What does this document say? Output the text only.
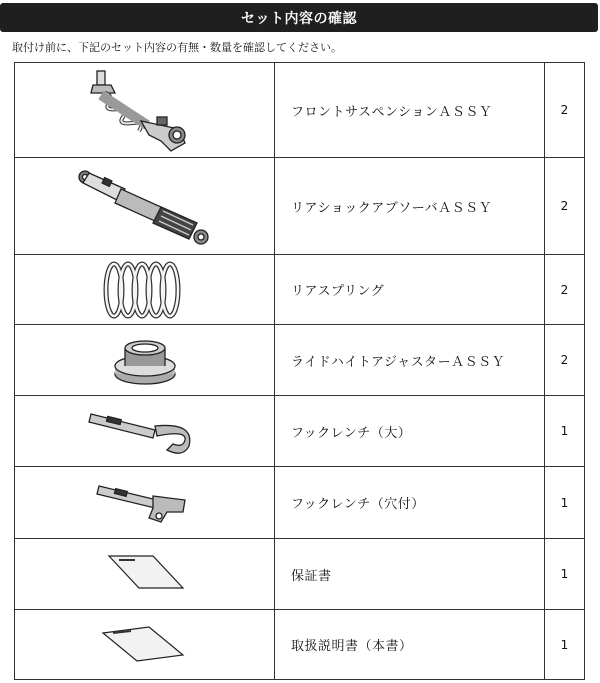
セット内容の確認
取付け前に、下記のセット内容の有無・数量を確認してください。
	フロントサスペンションＡＳＳＹ	2

	リアショックアブソーバＡＳＳＹ	2

	リアスプリング	2

	ライドハイトアジャスターＡＳＳＹ	2

	フックレンチ（大）	1

	フックレンチ（穴付）	1

	保証書	1

	取扱説明書（本書）	1
